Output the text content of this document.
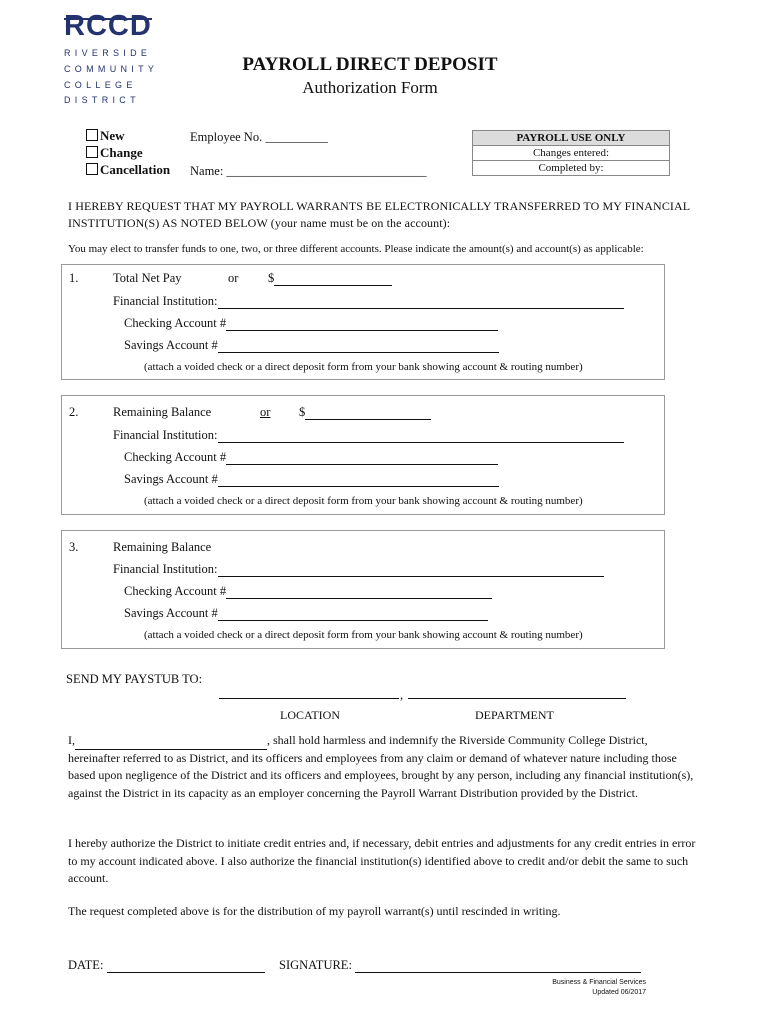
RCCD
RIVERSIDE
COMMUNITY
COLLEGE
DISTRICT
PAYROLL DIRECT DEPOSIT
Authorization Form
New
Change
Cancellation
Employee No. __________
Name: ________________________________
PAYROLL USE ONLY
Changes entered:
Completed by:
I HEREBY REQUEST THAT MY PAYROLL WARRANTS BE ELECTRONICALLY TRANSFERRED TO MY FINANCIAL INSTITUTION(S) AS NOTED BELOW (your name must be on the account):
You may elect to transfer funds to one, two, or three different accounts. Please indicate the amount(s) and account(s) as applicable:
1.	Total Net Pay	or $
Financial Institution:
Checking Account #
Savings Account #
(attach a voided check or a direct deposit form from your bank showing account & routing number)
2.	Remaining Balance	or $
Financial Institution:
Checking Account #
Savings Account #
(attach a voided check or a direct deposit form from your bank showing account & routing number)
3.	Remaining Balance
Financial Institution:
Checking Account #
Savings Account #
(attach a voided check or a direct deposit form from your bank showing account & routing number)
SEND MY PAYSTUB TO:
,
LOCATION	DEPARTMENT
I,	, shall hold harmless and indemnify the Riverside Community College District, hereinafter referred to as District, and its officers and employees from any claim or demand of whatever nature including those based upon negligence of the District and its officers and employees, brought by any person, including any financial institution(s), against the District in its capacity as an employer concerning the Payroll Warrant Distribution provided by the District.
I hereby authorize the District to initiate credit entries and, if necessary, debit entries and adjustments for any credit entries in error to my account indicated above. I also authorize the financial institution(s) identified above to credit and/or debit the same to such account.
The request completed above is for the distribution of my payroll warrant(s) until rescinded in writing.
DATE:	SIGNATURE:
Business & Financial Services
Updated 06/2017
